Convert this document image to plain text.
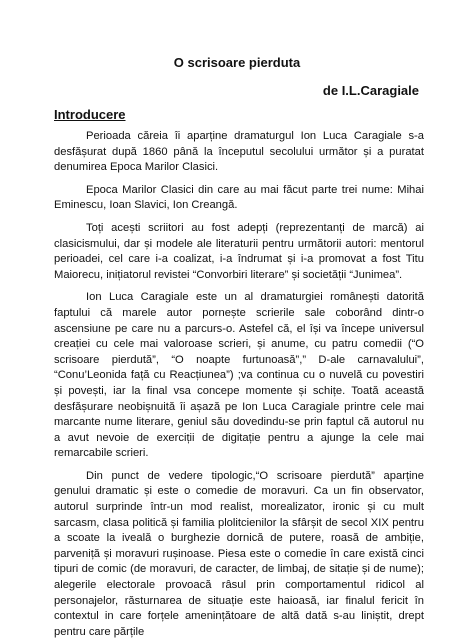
O scrisoare pierduta
de I.L.Caragiale
Introducere

Perioada căreia îi aparține dramaturgul Ion Luca Caragiale s-a desfășurat după 1860 până la începutul secolului următor și a puratat denumirea Epoca Marilor Clasici.

Epoca Marilor Clasici din care au mai făcut parte trei nume: Mihai Eminescu, Ioan Slavici, Ion Creangă.

Toți acești scriitori au fost adepți (reprezentanți de marcă) ai clasicismului, dar și modele ale literaturii pentru următorii autori: mentorul perioadei, cel care i-a coalizat, i-a îndrumat și i-a promovat a fost Titu Maiorecu, inițiatorul revistei “Convorbiri literare” și societății “Junimea”.

Ion Luca Caragiale este un al dramaturgiei românești datorită faptului că marele autor pornește scrierile sale coborând dintr-o ascensiune pe care nu a parcurs-o. Astefel că, el își va începe universul creației cu cele mai valoroase scrieri, și anume, cu patru comedii (“O scrisoare pierdută”, “O noapte furtunoasă”,” D-ale carnavalului”, “Conu’Leonida față cu Reacțiunea”) ;va continua cu o nuvelă cu povestiri și povești, iar la final vsa concepe momente și schițe. Toată această desfășurare neobișnuită îi așază pe Ion Luca Caragiale printre cele mai marcante nume literare, geniul său dovedindu-se prin faptul că autorul nu a avut nevoie de exerciții de digitație pentru a ajunge la cele mai remarcabile scrieri.

Din punct de vedere tipologic,“O scrisoare pierdută” aparține genului dramatic și este o comedie de moravuri. Ca un fin observator, autorul surprinde într-un mod realist, morealizator, ironic și cu mult sarcasm, clasa politică și familia plolitcienilor la sfârșit de secol XIX pentru a scoate la iveală o burghezie dornică de putere, roasă de ambiție, parveniță și moravuri rușinoase. Piesa este o comedie în care există cinci tipuri de comic (de moravuri, de caracter, de limbaj, de sitație și de nume); alegerile electorale provoacă râsul prin comportamentul ridicol al personajelor, răsturnarea de situație este haioasă, iar finalul fericit în contextul in care forțele amenințătoare de altă dată s-au liniștit, drept pentru care părțile
